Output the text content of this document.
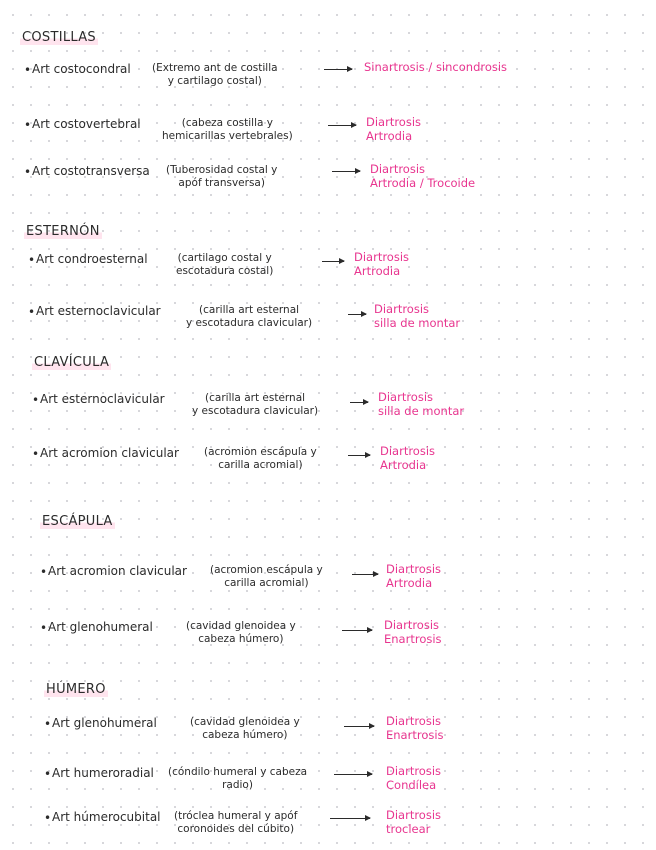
COSTILLAS
• Art costocondral (Extremo ant de costilla
y cartilago costal)
Sinartrosis / sincondrosis
• Art costovertebral	(cabeza costilla y
hemicarillas vertebrales)
Diartrosis
Artrodia
• Art costotransversa (Tuberosidad costal y
apóf transversa)
Diartrosis
Artrodia / Trocoide
ESTERNÓN
• Art condroesternal	(cartilago costal y
escotadura costal)
Diartrosis
Artrodia
• Art esternoclavicular	(carilla art esternal
y escotadura clavicular)
Diartrosis
silla de montar
CLAVÍCULA
• Art esternoclavicular	(carilla art esternal
y escotadura clavicular)
Diartrosis
silla de montar
• Art acromion clavicular (acromion escápula y
carilla acromial)
Diartrosis
Artrodia
ESCÁPULA
• Art acromion clavicular (acromion escápula y
carilla acromial)
Diartrosis
Artrodia
• Art glenohumeral	(cavidad glenoidea y
cabeza húmero)
Diartrosis
Enartrosis
HÚMERO
• Art glenohumeral	(cavidad glenoidea y
cabeza húmero)
Diartrosis
Enartrosis
• Art humeroradial (cóndilo humeral y cabeza
radio)
Diartrosis
Condílea
• Art húmerocubital (tróclea humeral y apóf
coronoides del cúbito)
Diartrosis
troclear
